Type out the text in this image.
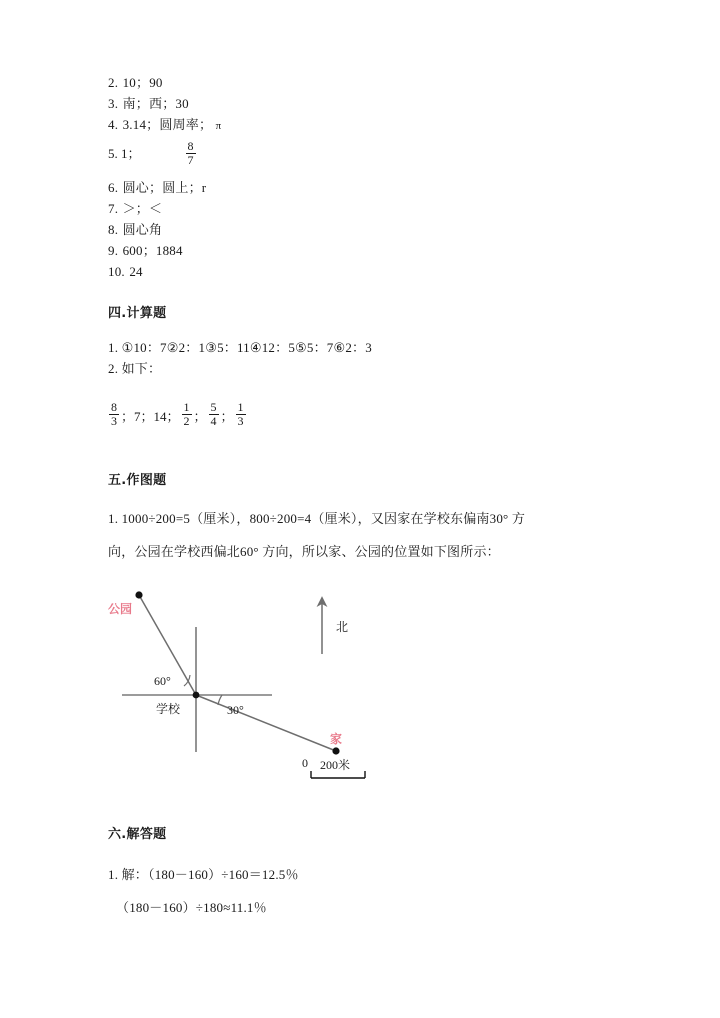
2. 10；90
3. 南；西；30
4. 3.14；圆周率； π
5. 1；	$\frac{8}{7}$
6. 圆心；圆上；r
7. ＞；＜
8. 圆心角
9. 600；1884
10. 24
四.计算题
1. ①10：7②2：1③5：11④12：5⑤5：7⑥2：3
2. 如下：
$\frac{8}{3}$ ；7；14； $\frac{1}{2}$ ； $\frac{5}{4}$ ； $\frac{1}{3}$
五.作图题
1. 1000÷200=5（厘米），800÷200=4（厘米），又因家在学校东偏南30° 方
向，公园在学校西偏北60° 方向，所以家、公园的位置如下图所示：
公园
家
学校
北
60°
30°
0 200米
六.解答题
1. 解：（180－160）÷160＝12.5％
（180－160）÷180≈11.1％
